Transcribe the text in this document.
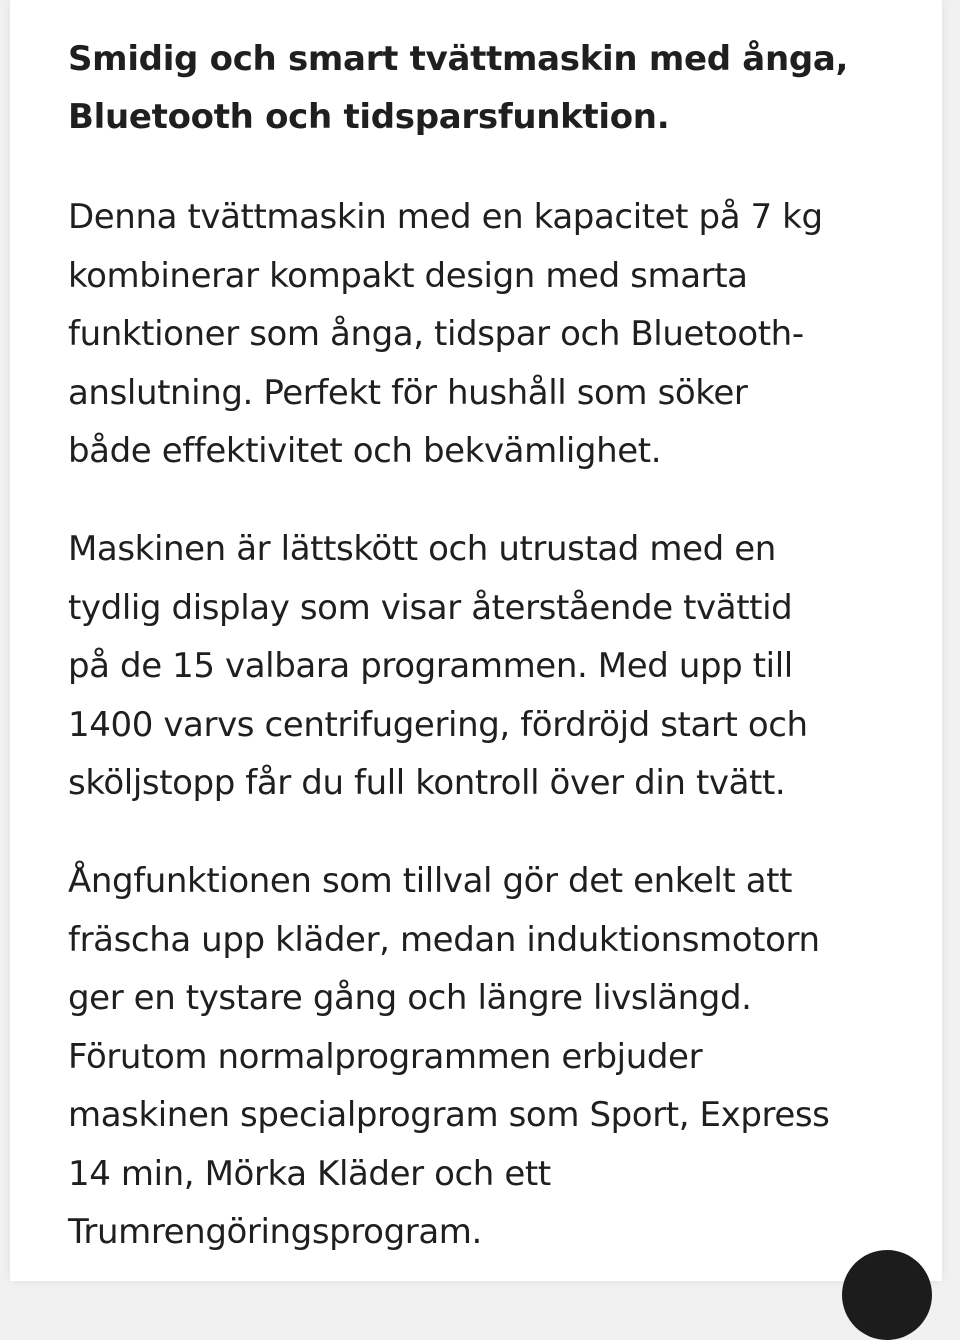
Smidig och smart tvättmaskin med ånga,
Bluetooth och tidsparsfunktion.
Denna tvättmaskin med en kapacitet på 7 kg
kombinerar kompakt design med smarta
funktioner som ånga, tidspar och Bluetooth-
anslutning. Perfekt för hushåll som söker
både effektivitet och bekvämlighet.
Maskinen är lättskött och utrustad med en
tydlig display som visar återstående tvättid
på de 15 valbara programmen. Med upp till
1400 varvs centrifugering, fördröjd start och
sköljstopp får du full kontroll över din tvätt.
Ångfunktionen som tillval gör det enkelt att
fräscha upp kläder, medan induktionsmotorn
ger en tystare gång och längre livslängd.
Förutom normalprogrammen erbjuder
maskinen specialprogram som Sport, Express
14 min, Mörka Kläder och ett
Trumrengöringsprogram.
